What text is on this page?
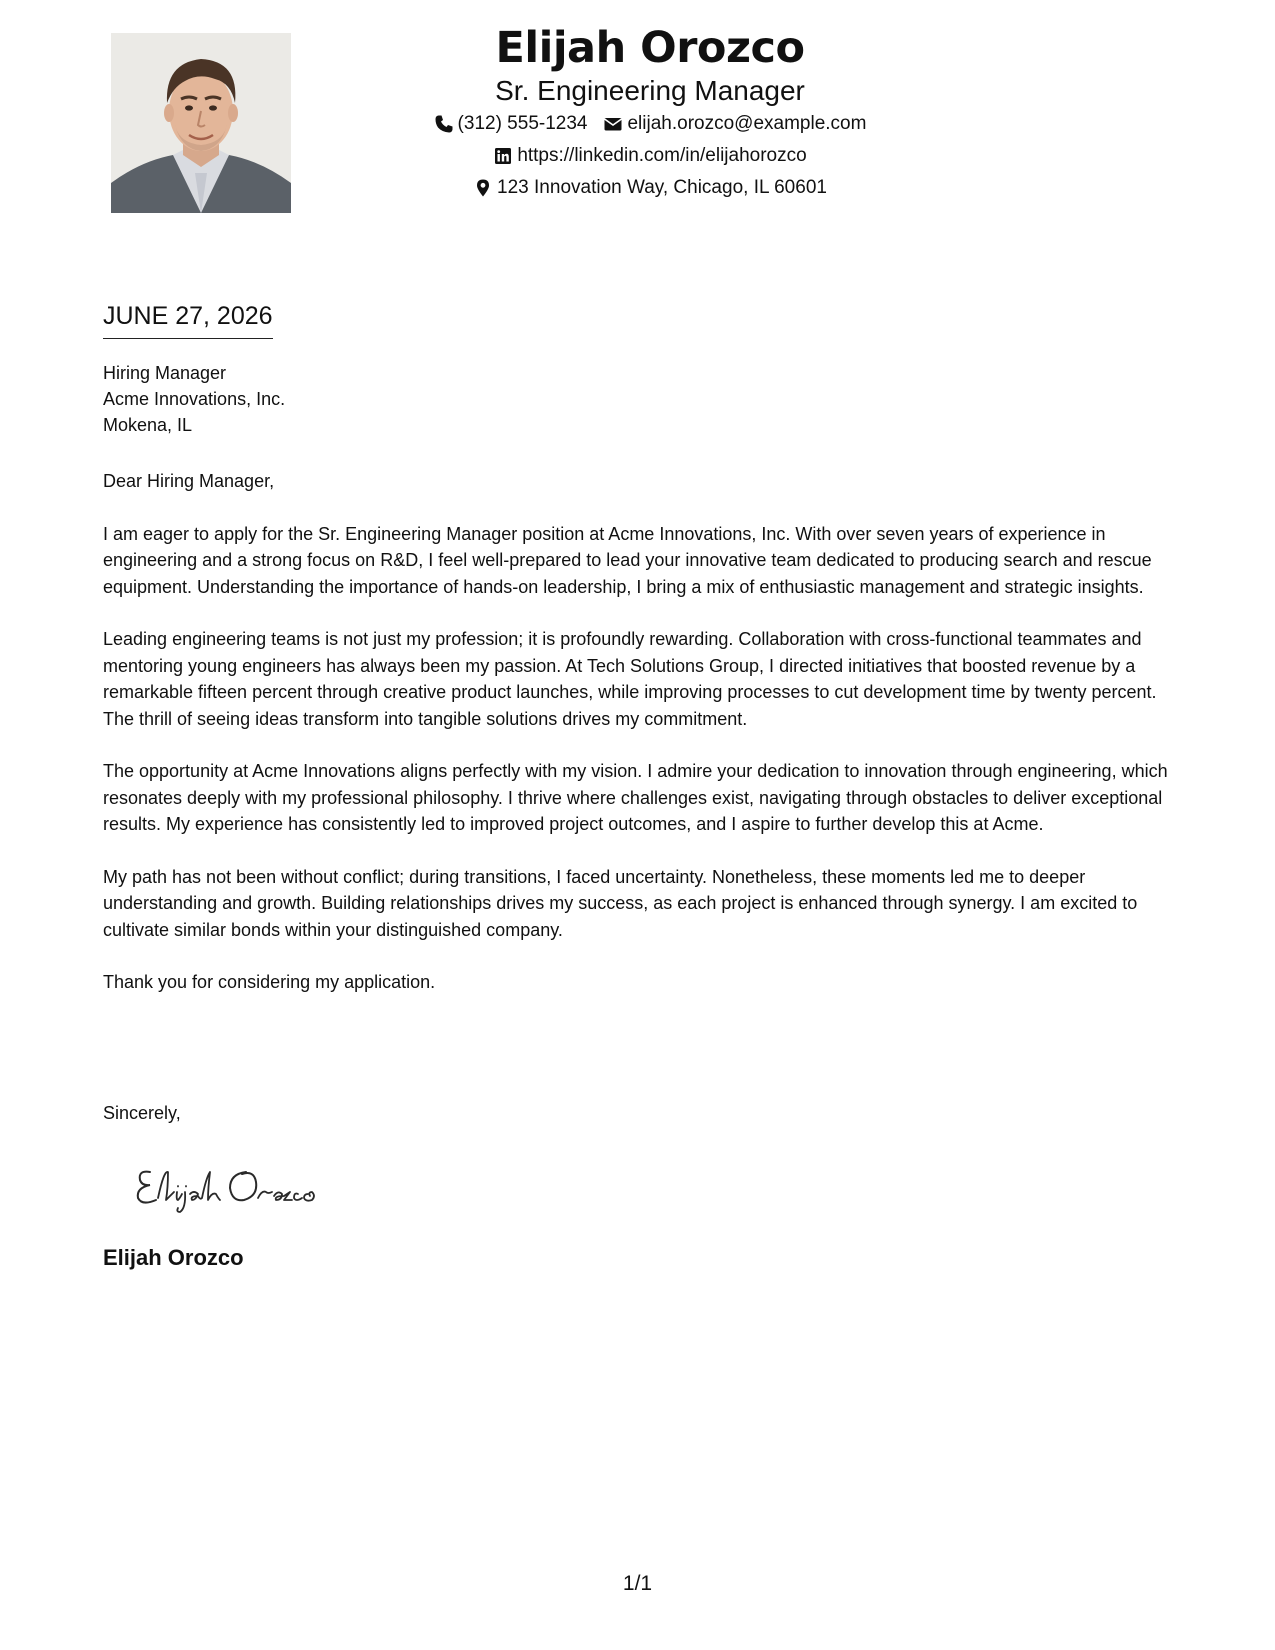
Elijah Orozco
Sr. Engineering Manager
(312) 555-1234 elijah.orozco@example.com
https://linkedin.com/in/elijahorozco
123 Innovation Way, Chicago, IL 60601
JUNE 27, 2026
Hiring Manager
Acme Innovations, Inc.
Mokena, IL

Dear Hiring Manager,

I am eager to apply for the Sr. Engineering Manager position at Acme Innovations, Inc. With over seven years of experience in engineering and a strong focus on R&D, I feel well-prepared to lead your innovative team dedicated to producing search and rescue equipment. Understanding the importance of hands-on leadership, I bring a mix of enthusiastic management and strategic insights.

Leading engineering teams is not just my profession; it is profoundly rewarding. Collaboration with cross-functional teammates and mentoring young engineers has always been my passion. At Tech Solutions Group, I directed initiatives that boosted revenue by a remarkable fifteen percent through creative product launches, while improving processes to cut development time by twenty percent. The thrill of seeing ideas transform into tangible solutions drives my commitment.

The opportunity at Acme Innovations aligns perfectly with my vision. I admire your dedication to innovation through engineering, which resonates deeply with my professional philosophy. I thrive where challenges exist, navigating through obstacles to deliver exceptional results. My experience has consistently led to improved project outcomes, and I aspire to further develop this at Acme.

My path has not been without conflict; during transitions, I faced uncertainty. Nonetheless, these moments led me to deeper understanding and growth. Building relationships drives my success, as each project is enhanced through synergy. I am excited to cultivate similar bonds within your distinguished company.

Thank you for considering my application.

Sincerely,
Elijah Orozco
1/1
